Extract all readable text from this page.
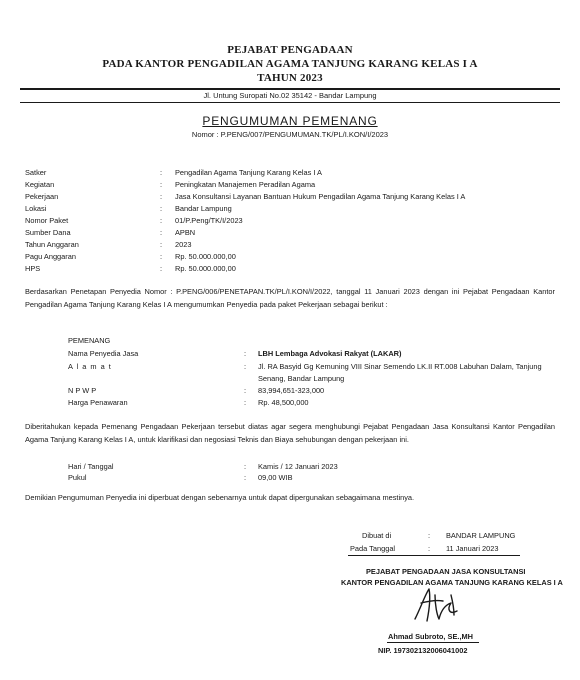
PEJABAT PENGADAAN
PADA KANTOR PENGADILAN AGAMA TANJUNG KARANG KELAS I A
TAHUN 2023
Jl. Untung Suropati No.02 35142 - Bandar Lampung
PENGUMUMAN PEMENANG
Nomor : P.PENG/007/PENGUMUMAN.TK/PL/I.KON/I/2023
Satker	: Pengadilan Agama Tanjung Karang Kelas I A
Kegiatan	: Peningkatan Manajemen Peradilan Agama
Pekerjaan	: Jasa Konsultansi Layanan Bantuan Hukum Pengadilan Agama Tanjung Karang Kelas I A
Lokasi	: Bandar Lampung
Nomor Paket	: 01/P.Peng/TK/I/2023
Sumber Dana	: APBN
Tahun Anggaran	: 2023
Pagu Anggaran	: Rp. 50.000.000,00
HPS	: Rp. 50.000.000,00
Berdasarkan Penetapan Penyedia Nomor : P.PENG/006/PENETAPAN.TK/PL/I.KON/I/2022, tanggal 11 Januari 2023 dengan ini Pejabat Pengadaan Kantor Pengadilan Agama Tanjung Karang Kelas I A mengumumkan Penyedia pada paket Pekerjaan sebagai berikut :
PEMENANG
Nama Penyedia Jasa	: LBH Lembaga Advokasi Rakyat (LAKAR)
A l a m a t	: Jl. RA Basyid Gg Kemuning VIII Sinar Semendo LK.II RT.008 Labuhan Dalam, Tanjung
Senang, Bandar Lampung
N P W P	: 83,994,651-323,000
Harga Penawaran	: Rp. 48,500,000
Diberitahukan kepada Pemenang Pengadaan Pekerjaan tersebut diatas agar segera menghubungi Pejabat Pengadaan Jasa Konsultansi Kantor Pengadilan Agama Tanjung Karang Kelas I A, untuk klarifikasi dan negosiasi Teknis dan Biaya sehubungan dengan pekerjaan ini.
Hari / Tanggal	: Kamis / 12 Januari 2023
Pukul	: 09,00 WIB
Demikian Pengumuman Penyedia ini diperbuat dengan sebenarnya untuk dapat dipergunakan sebagaimana mestinya.
Dibuat di	: BANDAR LAMPUNG
Pada Tanggal	: 11 Januari 2023
PEJABAT PENGADAAN JASA KONSULTANSI
KANTOR PENGADILAN AGAMA TANJUNG KARANG KELAS I A
Ahmad Subroto, SE.,MH
NIP. 197302132006041002
